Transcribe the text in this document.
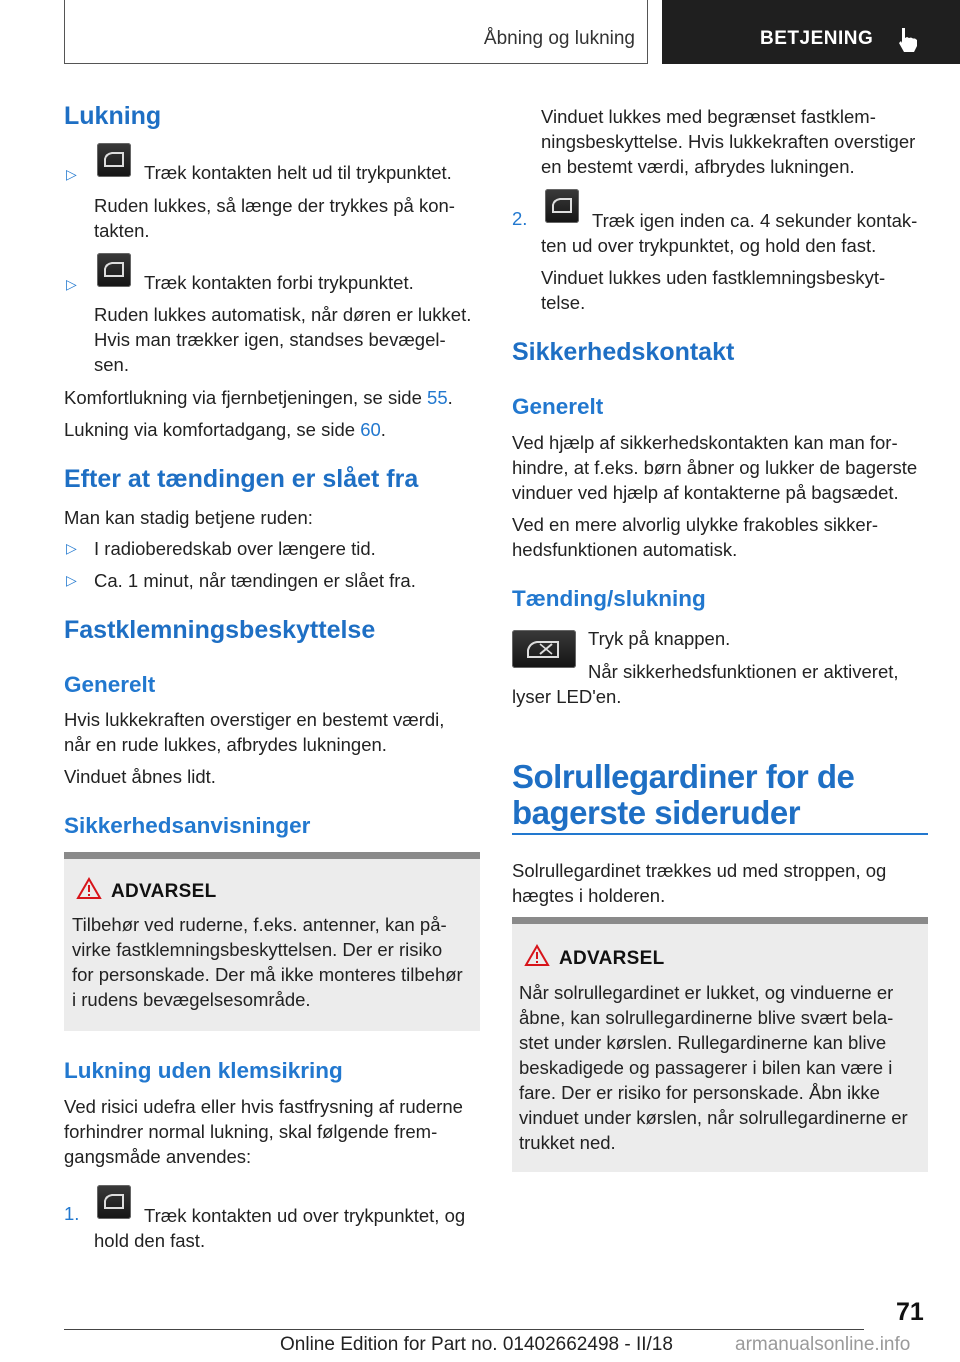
Åbning og lukning	BETJENING
Lukning
▷	Træk kontakten helt ud til trykpunktet.
Ruden lukkes, så længe der trykkes på kon-
takten.
▷	Træk kontakten forbi trykpunktet.
Ruden lukkes automatisk, når døren er lukket.
Hvis man trækker igen, standses bevægel-
sen.
Komfortlukning via fjernbetjeningen, se side 55.
Lukning via komfortadgang, se side 60.
Efter at tændingen er slået fra
Man kan stadig betjene ruden:
▷ I radioberedskab over længere tid.
▷ Ca. 1 minut, når tændingen er slået fra.
Fastklemningsbeskyttelse
Generelt
Hvis lukkekraften overstiger en bestemt værdi,
når en rude lukkes, afbrydes lukningen.
Vinduet åbnes lidt.
Sikkerhedsanvisninger
ADVARSEL
Tilbehør ved ruderne, f.eks. antenner, kan på-
virke fastklemningsbeskyttelsen. Der er risiko
for personskade. Der må ikke monteres tilbehør
i rudens bevægelsesområde.
Lukning uden klemsikring
Ved risici udefra eller hvis fastfrysning af ruderne
forhindrer normal lukning, skal følgende frem-
gangsmåde anvendes:
1.	Træk kontakten ud over trykpunktet, og
hold den fast.
Vinduet lukkes med begrænset fastklem-
ningsbeskyttelse. Hvis lukkekraften overstiger
en bestemt værdi, afbrydes lukningen.
2.	Træk igen inden ca. 4 sekunder kontak-
ten ud over trykpunktet, og hold den fast.
Vinduet lukkes uden fastklemningsbeskyt-
telse.
Sikkerhedskontakt
Generelt
Ved hjælp af sikkerhedskontakten kan man for-
hindre, at f.eks. børn åbner og lukker de bagerste
vinduer ved hjælp af kontakterne på bagsædet.
Ved en mere alvorlig ulykke frakobles sikker-
hedsfunktionen automatisk.
Tænding/slukning
Tryk på knappen.
Når sikkerhedsfunktionen er aktiveret,
lyser LED'en.
Solrullegardiner for de
bagerste sideruder
Solrullegardinet trækkes ud med stroppen, og
hægtes i holderen.
ADVARSEL
Når solrullegardinet er lukket, og vinduerne er
åbne, kan solrullegardinerne blive svært bela-
stet under kørslen. Rullegardinerne kan blive
beskadigede og passagerer i bilen kan være i
fare. Der er risiko for personskade. Åbn ikke
vinduet under kørslen, når solrullegardinerne er
trukket ned.
71
Online Edition for Part no. 01402662498 - II/18	armanualsonline.info
